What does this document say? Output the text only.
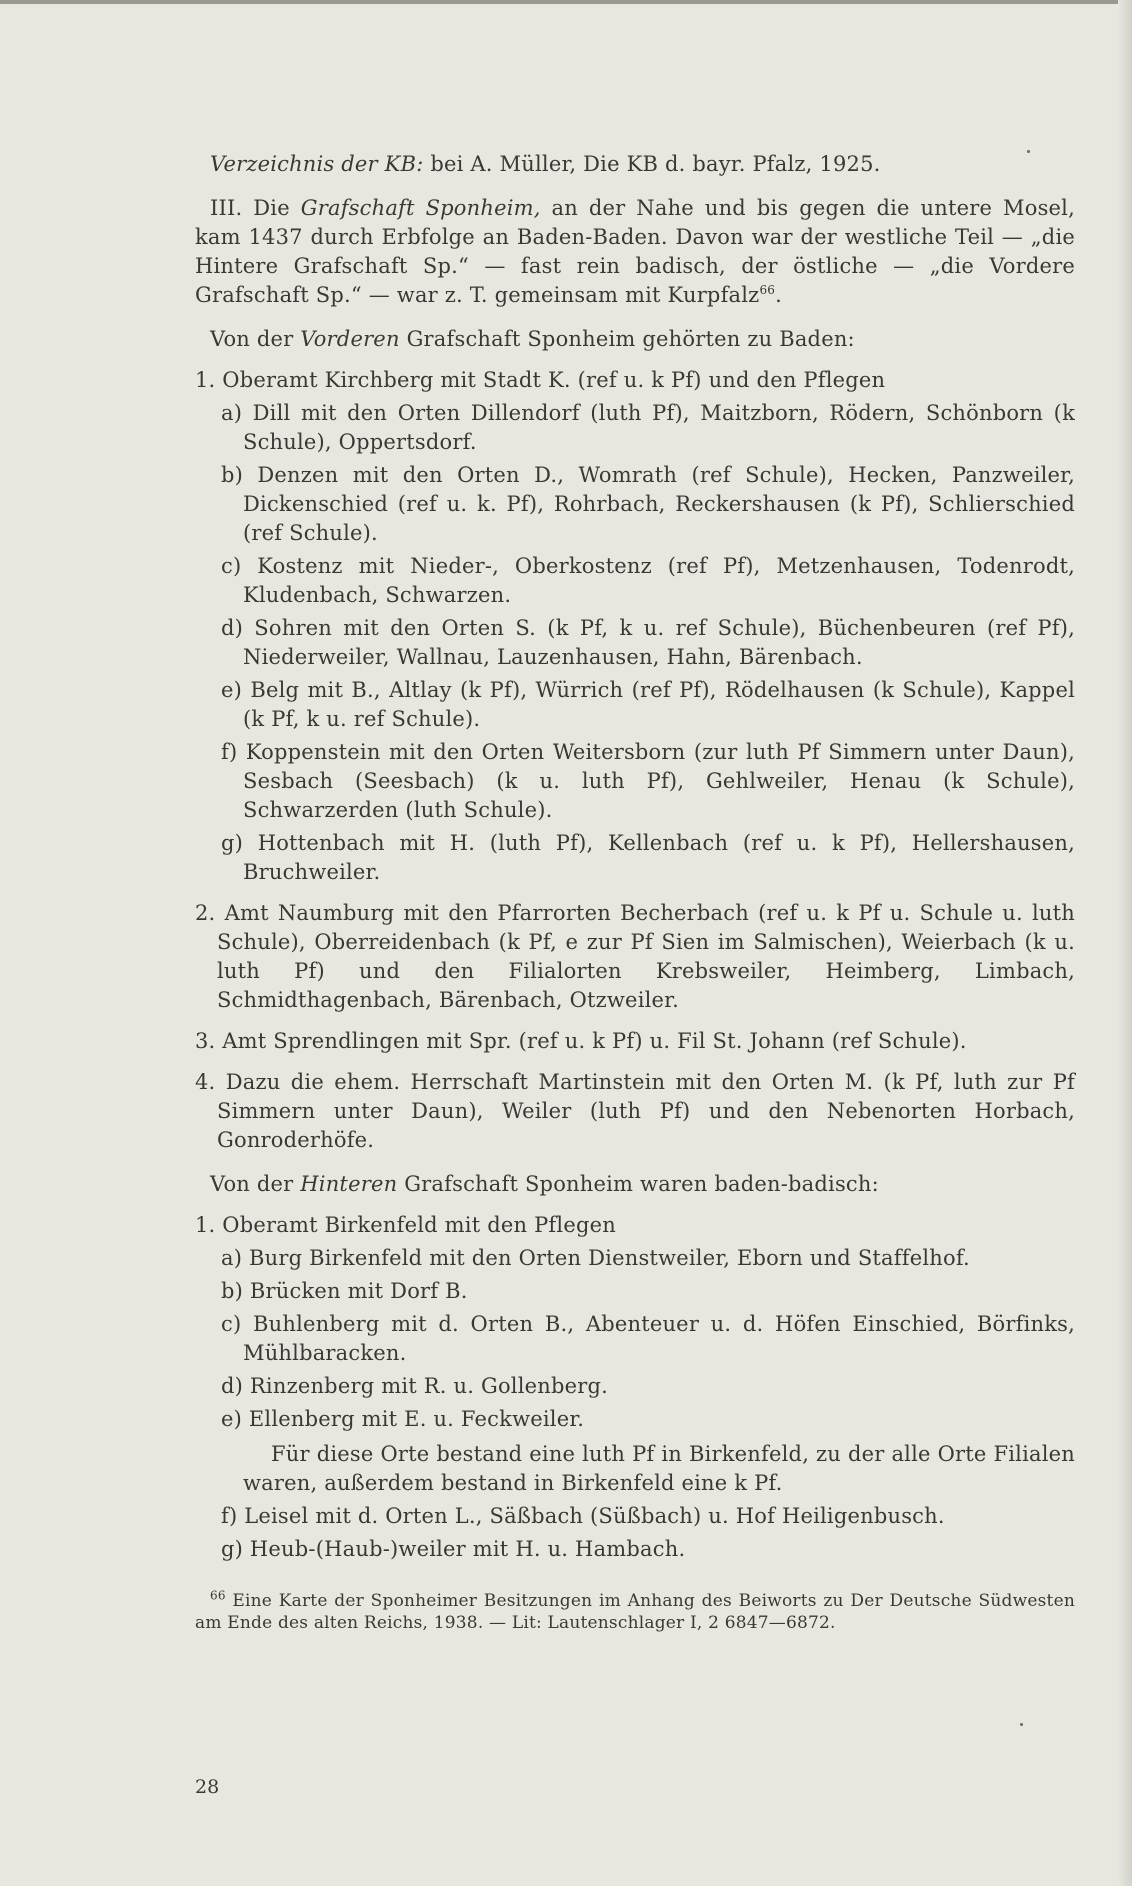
Verzeichnis der KB: bei A. Müller, Die KB d. bayr. Pfalz, 1925.

III. Die Grafschaft Sponheim, an der Nahe und bis gegen die untere Mosel, kam 1437 durch Erbfolge an Baden-Baden. Davon war der westliche Teil — „die Hintere Grafschaft Sp.“ — fast rein badisch, der östliche — „die Vordere Grafschaft Sp.“ — war z. T. gemeinsam mit Kurpfalz$^{66}$.

Von der Vorderen Grafschaft Sponheim gehörten zu Baden:

1. Oberamt Kirchberg mit Stadt K. (ref u. k Pf) und den Pflegen

a) Dill mit den Orten Dillendorf (luth Pf), Maitzborn, Rödern, Schönborn (k Schule), Oppertsdorf.

b) Denzen mit den Orten D., Womrath (ref Schule), Hecken, Panzweiler, Dickenschied (ref u. k. Pf), Rohrbach, Reckershausen (k Pf), Schlierschied (ref Schule).

c) Kostenz mit Nieder-, Oberkostenz (ref Pf), Metzenhausen, Todenrodt, Kludenbach, Schwarzen.

d) Sohren mit den Orten S. (k Pf, k u. ref Schule), Büchenbeuren (ref Pf), Niederweiler, Wallnau, Lauzenhausen, Hahn, Bärenbach.

e) Belg mit B., Altlay (k Pf), Würrich (ref Pf), Rödelhausen (k Schule), Kappel (k Pf, k u. ref Schule).

f) Koppenstein mit den Orten Weitersborn (zur luth Pf Simmern unter Daun), Sesbach (Seesbach) (k u. luth Pf), Gehlweiler, Henau (k Schule), Schwarzerden (luth Schule).

g) Hottenbach mit H. (luth Pf), Kellenbach (ref u. k Pf), Hellershausen, Bruchweiler.

2. Amt Naumburg mit den Pfarrorten Becherbach (ref u. k Pf u. Schule u. luth Schule), Oberreidenbach (k Pf, e zur Pf Sien im Salmischen), Weierbach (k u. luth Pf) und den Filialorten Krebsweiler, Heimberg, Limbach, Schmidthagenbach, Bärenbach, Otzweiler.

3. Amt Sprendlingen mit Spr. (ref u. k Pf) u. Fil St. Johann (ref Schule).

4. Dazu die ehem. Herrschaft Martinstein mit den Orten M. (k Pf, luth zur Pf Simmern unter Daun), Weiler (luth Pf) und den Nebenorten Horbach, Gonroderhöfe.

Von der Hinteren Grafschaft Sponheim waren baden-badisch:

1. Oberamt Birkenfeld mit den Pflegen

a) Burg Birkenfeld mit den Orten Dienstweiler, Eborn und Staffelhof.

b) Brücken mit Dorf B.

c) Buhlenberg mit d. Orten B., Abenteuer u. d. Höfen Einschied, Börfinks, Mühlbaracken.

d) Rinzenberg mit R. u. Gollenberg.

e) Ellenberg mit E. u. Feckweiler.

Für diese Orte bestand eine luth Pf in Birkenfeld, zu der alle Orte Filialen waren, außerdem bestand in Birkenfeld eine k Pf.

f) Leisel mit d. Orten L., Säßbach (Süßbach) u. Hof Heiligenbusch.

g) Heub-(Haub-)weiler mit H. u. Hambach.

$^{66}$ Eine Karte der Sponheimer Besitzungen im Anhang des Beiworts zu Der Deutsche Südwesten am Ende des alten Reichs, 1938. — Lit: Lautenschlager I, 2 6847—6872.

28
